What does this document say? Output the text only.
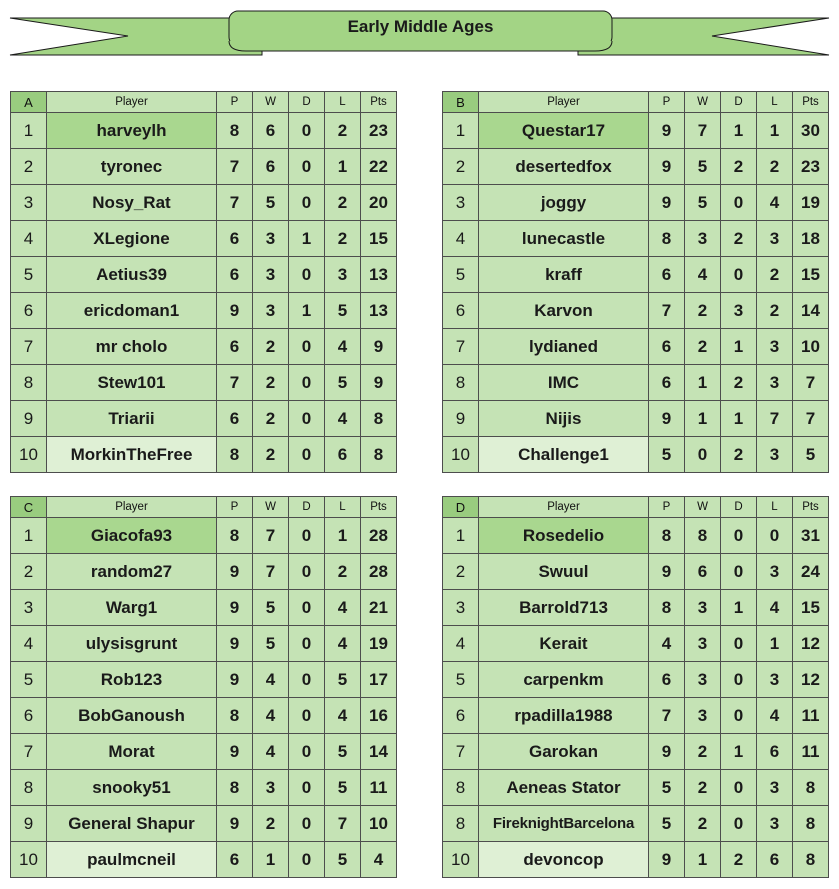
Early Middle Ages
A	Player	P	W	D	L	Pts
1	harveylh	8	6	0	2	23
2	tyronec	7	6	0	1	22
3	Nosy_Rat	7	5	0	2	20
4	XLegione	6	3	1	2	15
5	Aetius39	6	3	0	3	13
6	ericdoman1	9	3	1	5	13
7	mr cholo	6	2	0	4	9
8	Stew101	7	2	0	5	9
9	Triarii	6	2	0	4	8
10	MorkinTheFree	8	2	0	6	8
B	Player	P	W	D	L	Pts
1	Questar17	9	7	1	1	30
2	desertedfox	9	5	2	2	23
3	joggy	9	5	0	4	19
4	lunecastle	8	3	2	3	18
5	kraff	6	4	0	2	15
6	Karvon	7	2	3	2	14
7	lydianed	6	2	1	3	10
8	IMC	6	1	2	3	7
9	Nijis	9	1	1	7	7
10	Challenge1	5	0	2	3	5
C	Player	P	W	D	L	Pts
1	Giacofa93	8	7	0	1	28
2	random27	9	7	0	2	28
3	Warg1	9	5	0	4	21
4	ulysisgrunt	9	5	0	4	19
5	Rob123	9	4	0	5	17
6	BobGanoush	8	4	0	4	16
7	Morat	9	4	0	5	14
8	snooky51	8	3	0	5	11
9	General Shapur	9	2	0	7	10
10	paulmcneil	6	1	0	5	4
D	Player	P	W	D	L	Pts
1	Rosedelio	8	8	0	0	31
2	Swuul	9	6	0	3	24
3	Barrold713	8	3	1	4	15
4	Kerait	4	3	0	1	12
5	carpenkm	6	3	0	3	12
6	rpadilla1988	7	3	0	4	11
7	Garokan	9	2	1	6	11
8	Aeneas Stator	5	2	0	3	8
8	FireknightBarcelona	5	2	0	3	8
10	devoncop	9	1	2	6	8
